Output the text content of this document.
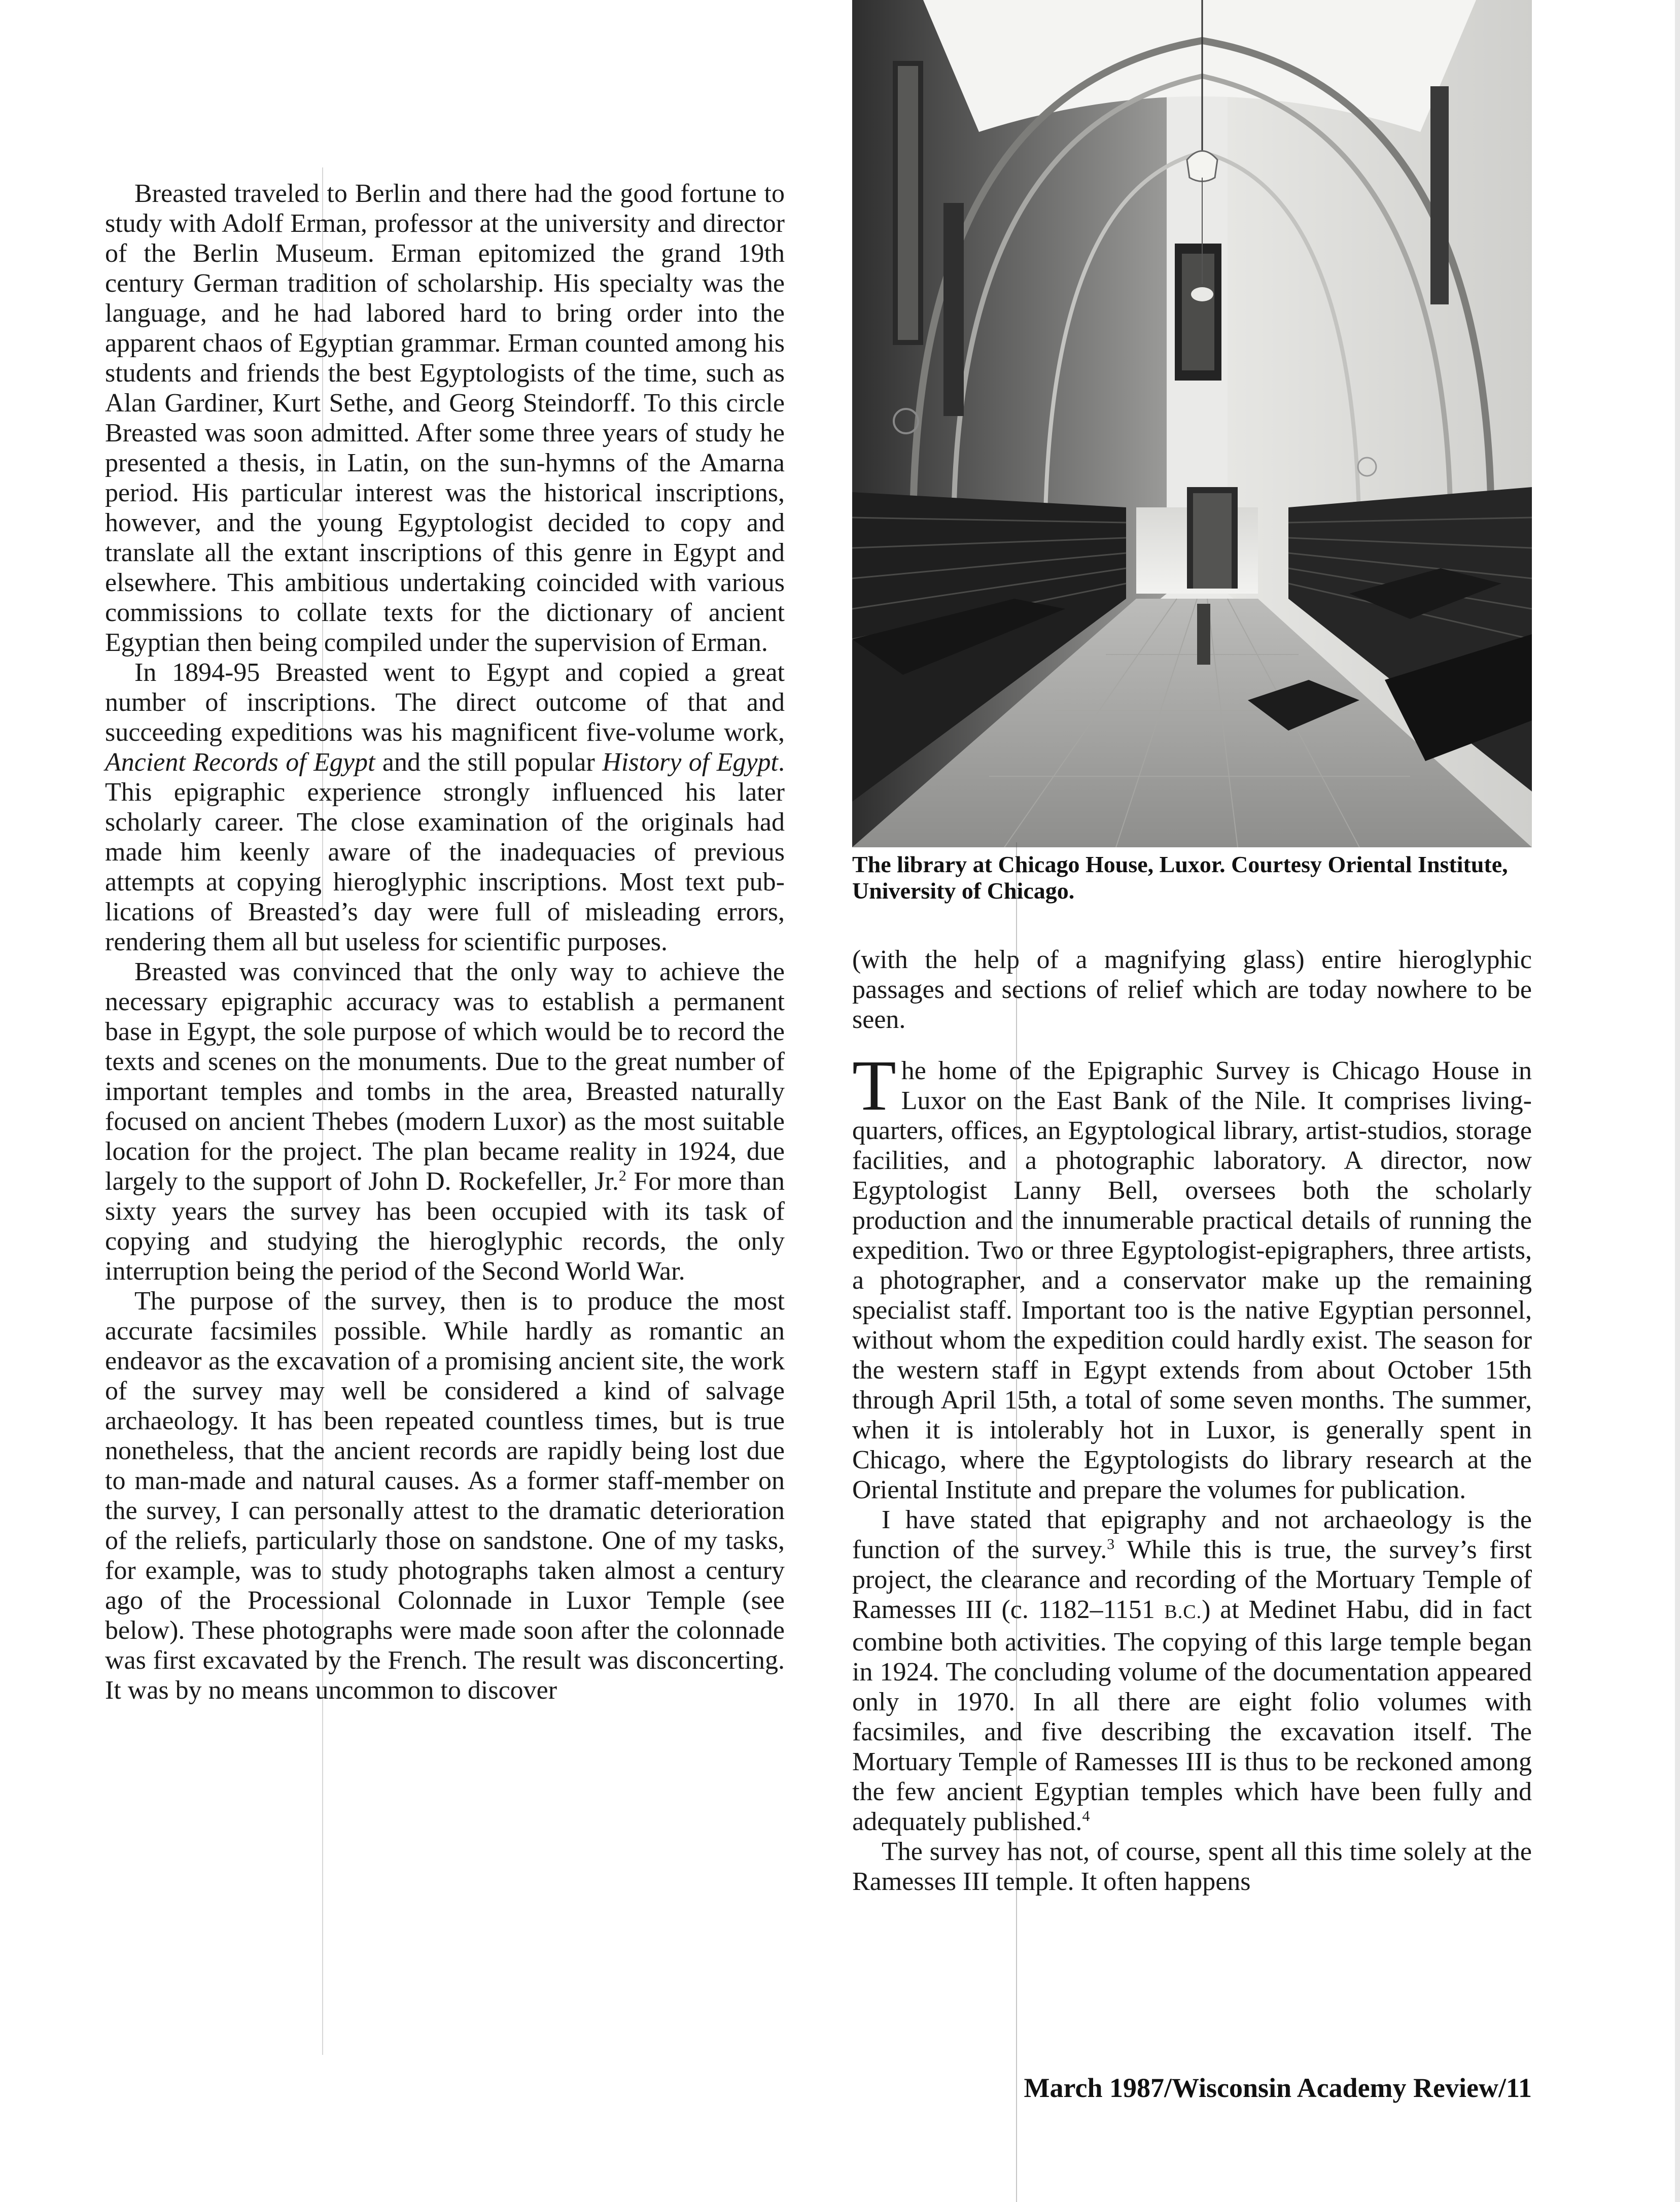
Breasted traveled to Berlin and there had the good fortune to study with Adolf Erman, professor at the university and director of the Berlin Museum. Erman epitomized the grand 19th century German tradition of scholarship. His specialty was the language, and he had labored hard to bring order into the apparent chaos of Egyptian grammar. Erman counted among his students and friends the best Egyptologists of the time, such as Alan Gardiner, Kurt Sethe, and Georg Steindorff. To this circle Breasted was soon admitted. After some three years of study he presented a thesis, in Latin, on the sun-hymns of the Amarna period. His particular interest was the historical inscriptions, however, and the young Egyptologist decided to copy and translate all the extant inscriptions of this genre in Egypt and elsewhere. This ambitious undertaking coincided with various commissions to collate texts for the dictionary of ancient Egyptian then being compiled under the supervision of Erman.

In 1894-95 Breasted went to Egypt and copied a great number of inscriptions. The direct outcome of that and succeeding expeditions was his magnificent five-volume work, Ancient Records of Egypt and the still popular History of Egypt. This epigraphic experience strongly influenced his later scholarly career. The close examination of the originals had made him keenly aware of the inadequacies of previous attempts at copying hieroglyphic inscriptions. Most text publications of Breasted’s day were full of misleading errors, rendering them all but useless for scientific purposes.

Breasted was convinced that the only way to achieve the necessary epigraphic accuracy was to establish a permanent base in Egypt, the sole purpose of which would be to record the texts and scenes on the monuments. Due to the great number of important temples and tombs in the area, Breasted naturally focused on ancient Thebes (modern Luxor) as the most suitable location for the project. The plan became reality in 1924, due largely to the support of John D. Rockefeller, Jr.$^2$ For more than sixty years the survey has been occupied with its task of copying and studying the hieroglyphic records, the only interruption being the period of the Second World War.

The purpose of the survey, then is to produce the most accurate facsimiles possible. While hardly as romantic an endeavor as the excavation of a promising ancient site, the work of the survey may well be considered a kind of salvage archaeology. It has been repeated countless times, but is true nonetheless, that the ancient records are rapidly being lost due to man-made and natural causes. As a former staff-member on the survey, I can personally attest to the dramatic deterioration of the reliefs, particularly those on sandstone. One of my tasks, for example, was to study photographs taken almost a century ago of the Processional Colonnade in Luxor Temple (see below). These photographs were made soon after the colonnade was first excavated by the French. The result was disconcerting. It was by no means uncommon to discover

The library at Chicago House, Luxor. Courtesy Oriental Institute, University of Chicago.

(with the help of a magnifying glass) entire hieroglyphic passages and sections of relief which are today nowhere to be seen.

The home of the Epigraphic Survey is Chicago House in Luxor on the East Bank of the Nile. It comprises living-quarters, offices, an Egyptological library, artist-studios, storage facilities, and a photographic laboratory. A director, now Egyptologist Lanny Bell, oversees both the scholarly production and the innumerable practical details of running the expedition. Two or three Egyptologist-epigraphers, three artists, a photographer, and a conservator make up the remaining specialist staff. Important too is the native Egyptian personnel, without whom the expedition could hardly exist. The season for the western staff in Egypt extends from about October 15th through April 15th, a total of some seven months. The summer, when it is intolerably hot in Luxor, is generally spent in Chicago, where the Egyptologists do library research at the Oriental Institute and prepare the volumes for publication.

I have stated that epigraphy and not archaeology is the function of the survey.$^3$ While this is true, the survey’s first project, the clearance and recording of the Mortuary Temple of Ramesses III (c. 1182–1151 B.C.) at Medinet Habu, did in fact combine both activities. The copying of this large temple began in 1924. The concluding volume of the documentation appeared only in 1970. In all there are eight folio volumes with facsimiles, and five describing the excavation itself. The Mortuary Temple of Ramesses III is thus to be reckoned among the few ancient Egyptian temples which have been fully and adequately published.$^4$

The survey has not, of course, spent all this time solely at the Ramesses III temple. It often happens

March 1987/Wisconsin Academy Review/11
